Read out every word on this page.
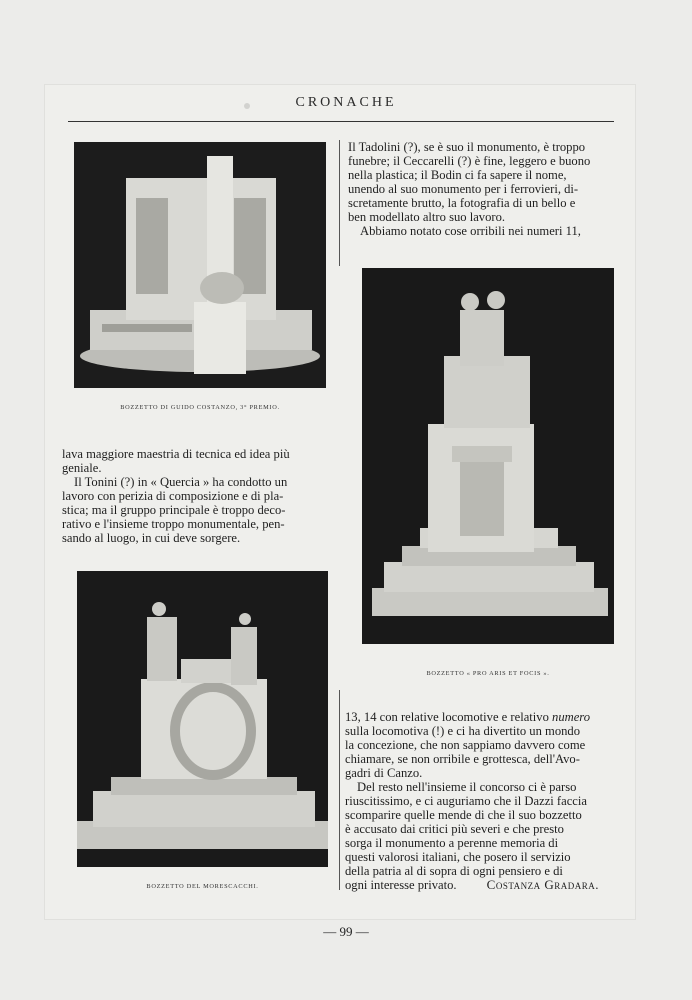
CRONACHE
BOZZETTO DI GUIDO COSTANZO, 3° PREMIO.
Il Tadolini (?), se è suo il monumento, è troppo
funebre; il Ceccarelli (?) è fine, leggero e buono
nella plastica; il Bodin ci fa sapere il nome,
unendo al suo monumento per i ferrovieri, di-
scretamente brutto, la fotografia di un bello e
ben modellato altro suo lavoro.
Abbiamo notato cose orribili nei numeri 11,
BOZZETTO « PRO ARIS ET FOCIS ».
lava maggiore maestria di tecnica ed idea più
geniale.
Il Tonini (?) in « Quercia » ha condotto un
lavoro con perizia di composizione e di pla-
stica; ma il gruppo principale è troppo deco-
rativo e l'insieme troppo monumentale, pen-
sando al luogo, in cui deve sorgere.
BOZZETTO DEL MORESCACCHI.
13, 14 con relative locomotive e relativo numero
sulla locomotiva (!) e ci ha divertito un mondo
la concezione, che non sappiamo davvero come
chiamare, se non orribile e grottesca, dell'Avo-
gadri di Canzo.
Del resto nell'insieme il concorso ci è parso
riuscitissimo, e ci auguriamo che il Dazzi faccia
scomparire quelle mende di che il suo bozzetto
è accusato dai critici più severi e che presto
sorga il monumento a perenne memoria di
questi valorosi italiani, che posero il servizio
della patria al di sopra di ogni pensiero e di
ogni interesse privato.	Costanza Gradara.
— 99 —
